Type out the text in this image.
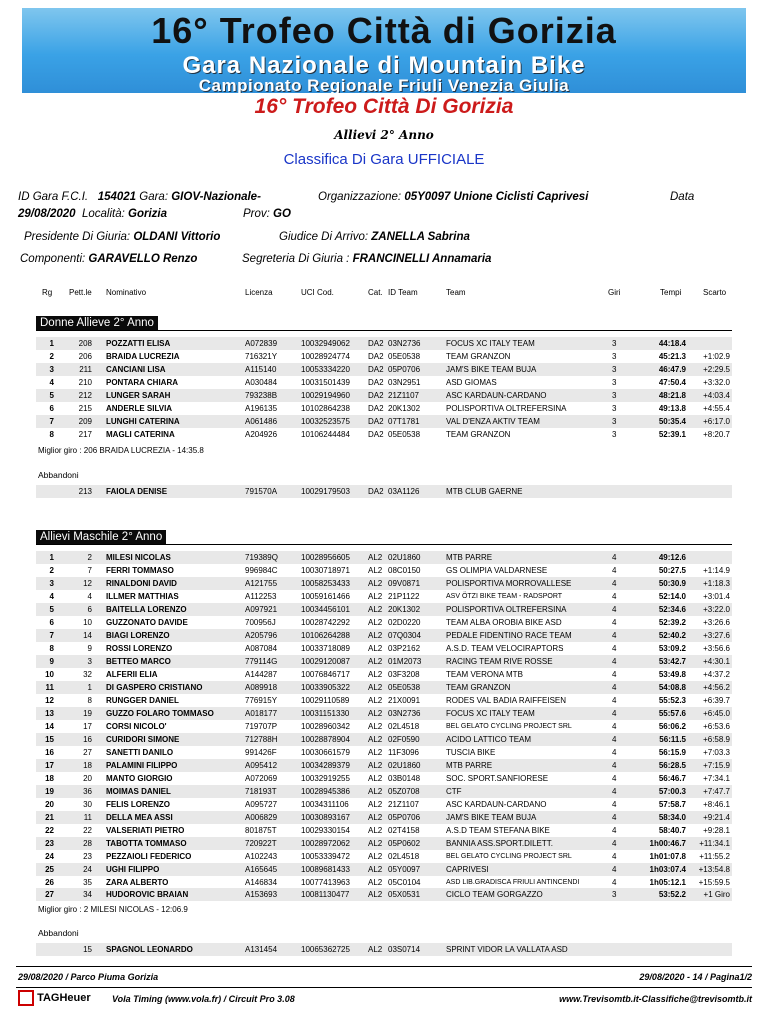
16° Trofeo Città di Gorizia
Gara Nazionale di Mountain Bike
Campionato Regionale Friuli Venezia Giulia
16° Trofeo Città Di Gorizia
Allievi 2° Anno
Classifica Di Gara UFFICIALE
ID Gara F.C.I. 154021 Gara: GIOV-Nazionale-	Organizzazione: 05Y0097 Unione Ciclisti Caprivesi	Data
29/08/2020 Località: Gorizia	Prov: GO
Presidente Di Giuria: OLDANI Vittorio	Giudice Di Arrivo: ZANELLA Sabrina
Componenti: GARAVELLO Renzo	Segreteria Di Giuria : FRANCINELLI Annamaria
Rg Pett.le Nominativo	Licenza	UCI Cod.	Cat. ID Team	Team	Giri	Tempi	Scarto
Donne Allieve 2° Anno
1	208 POZZATTI ELISA	A072839	10032949062	DA2 03N2736	FOCUS XC ITALY TEAM	3	44:18.4
2	206 BRAIDA LUCREZIA	716321Y	10028924774	DA2 05E0538	TEAM GRANZON	3	45:21.3	+1:02.9
3	211 CANCIANI LISA	A115140	10053334220	DA2 05P0706	JAM'S BIKE TEAM BUJA	3	46:47.9	+2:29.5
4	210 PONTARA CHIARA	A030484	10031501439	DA2 03N2951	ASD GIOMAS	3	47:50.4	+3:32.0
5	212 LUNGER SARAH	793238B	10029194960	DA2 21Z1107	ASC KARDAUN-CARDANO	3	48:21.8	+4:03.4
6	215 ANDERLE SILVIA	A196135	10102864238	DA2 20K1302	POLISPORTIVA OLTREFERSINA	3	49:13.8	+4:55.4
7	209 LUNGHI CATERINA	A061486	10032523575	DA2 07T1781	VAL D'ENZA AKTIV TEAM	3	50:35.4	+6:17.0
8	217 MAGLI CATERINA	A204926	10106244484	DA2 05E0538	TEAM GRANZON	3	52:39.1	+8:20.7
Miglior giro : 206 BRAIDA LUCREZIA - 14:35.8
Abbandoni
213 FAIOLA DENISE	791570A	10029179503	DA2 03A1126	MTB CLUB GAERNE
Allievi Maschile 2° Anno
1	2 MILESI NICOLAS	719389Q	10028956605	AL2 02U1860	MTB PARRE	4	49:12.6
2	7 FERRI TOMMASO	996984C	10030718971	AL2 08C0150	GS OLIMPIA VALDARNESE	4	50:27.5	+1:14.9
3	12 RINALDONI DAVID	A121755	10058253433	AL2 09V0871	POLISPORTIVA MORROVALLESE	4	50:30.9	+1:18.3
4	4 ILLMER MATTHIAS	A112253	10059161466	AL2 21P1122	ASV ÖTZI BIKE TEAM - RADSPORT	4	52:14.0	+3:01.4
5	6 BAITELLA LORENZO	A097921	10034456101	AL2 20K1302	POLISPORTIVA OLTREFERSINA	4	52:34.6	+3:22.0
6	10 GUZZONATO DAVIDE	700956J	10028742292	AL2 02D0220	TEAM ALBA OROBIA BIKE ASD	4	52:39.2	+3:26.6
7	14 BIAGI LORENZO	A205796	10106264288	AL2 07Q0304	PEDALE FIDENTINO RACE TEAM	4	52:40.2	+3:27.6
8	9 ROSSI LORENZO	A087084	10033718089	AL2 03P2162	A.S.D. TEAM VELOCIRAPTORS	4	53:09.2	+3:56.6
9	3 BETTEO MARCO	779114G	10029120087	AL2 01M2073	RACING TEAM RIVE ROSSE	4	53:42.7	+4:30.1
10	32 ALFERII ELIA	A144287	10076846717	AL2 03F3208	TEAM VERONA MTB	4	53:49.8	+4:37.2
11	1 DI GASPERO CRISTIANO	A089918	10033905322	AL2 05E0538	TEAM GRANZON	4	54:08.8	+4:56.2
12	8 RUNGGER DANIEL	776915Y	10029110589	AL2 21X0091	RODES VAL BADIA RAIFFEISEN	4	55:52.3	+6:39.7
13	19 GUZZO FOLARO TOMMASO	A018177	10031151330	AL2 03N2736	FOCUS XC ITALY TEAM	4	55:57.6	+6:45.0
14	17 CORSI NICOLO'	719707P	10028960342	AL2 02L4518	BEL GELATO CYCLING PROJECT SRL	4	56:06.2	+6:53.6
15	16 CURIDORI SIMONE	712788H	10028878904	AL2 02F0590	ACIDO LATTICO TEAM	4	56:11.5	+6:58.9
16	27 SANETTI DANILO	991426F	10030661579	AL2 11F3096	TUSCIA BIKE	4	56:15.9	+7:03.3
17	18 PALAMINI FILIPPO	A095412	10034289379	AL2 02U1860	MTB PARRE	4	56:28.5	+7:15.9
18	20 MANTO GIORGIO	A072069	10032919255	AL2 03B0148	SOC. SPORT.SANFIORESE	4	56:46.7	+7:34.1
19	36 MOIMAS DANIEL	718193T	10028945386	AL2 05Z0708	CTF	4	57:00.3	+7:47.7
20	30 FELIS LORENZO	A095727	10034311106	AL2 21Z1107	ASC KARDAUN-CARDANO	4	57:58.7	+8:46.1
21	11 DELLA MEA ASSI	A006829	10030893167	AL2 05P0706	JAM'S BIKE TEAM BUJA	4	58:34.0	+9:21.4
22	22 VALSERIATI PIETRO	801875T	10029330154	AL2 02T4158	A.S.D TEAM STEFANA BIKE	4	58:40.7	+9:28.1
23	28 TABOTTA TOMMASO	720922T	10028972062	AL2 05P0602	BANNIA ASS.SPORT.DILETT.	4	1h00:46.7	+11:34.1
24	23 PEZZAIOLI FEDERICO	A102243	10053339472	AL2 02L4518	BEL GELATO CYCLING PROJECT SRL	4	1h01:07.8	+11:55.2
25	24 UGHI FILIPPO	A165645	10089681433	AL2 05Y0097	CAPRIVESI	4	1h03:07.4	+13:54.8
26	35 ZARA ALBERTO	A146834	10077413963	AL2 05C0104	ASD LIB.GRADISCA FRIULI ANTINCENDI	4	1h05:12.1	+15:59.5
27	34 HUDOROVIC BRAIAN	A153693	10081130477	AL2 05X0531	CICLO TEAM GORGAZZO	3	53:52.2	+1 Giro
Miglior giro : 2 MILESI NICOLAS - 12:06.9
Abbandoni
15 SPAGNOL LEONARDO	A131454	10065362725	AL2 03S0714	SPRINT VIDOR LA VALLATA ASD
29/08/2020 / Parco Piuma Gorizia	29/08/2020 - 14 / Pagina1/2
TAGHeuer Vola Timing (www.vola.fr) / Circuit Pro 3.08	www.Trevisomtb.it-Classifiche@trevisomtb.it
